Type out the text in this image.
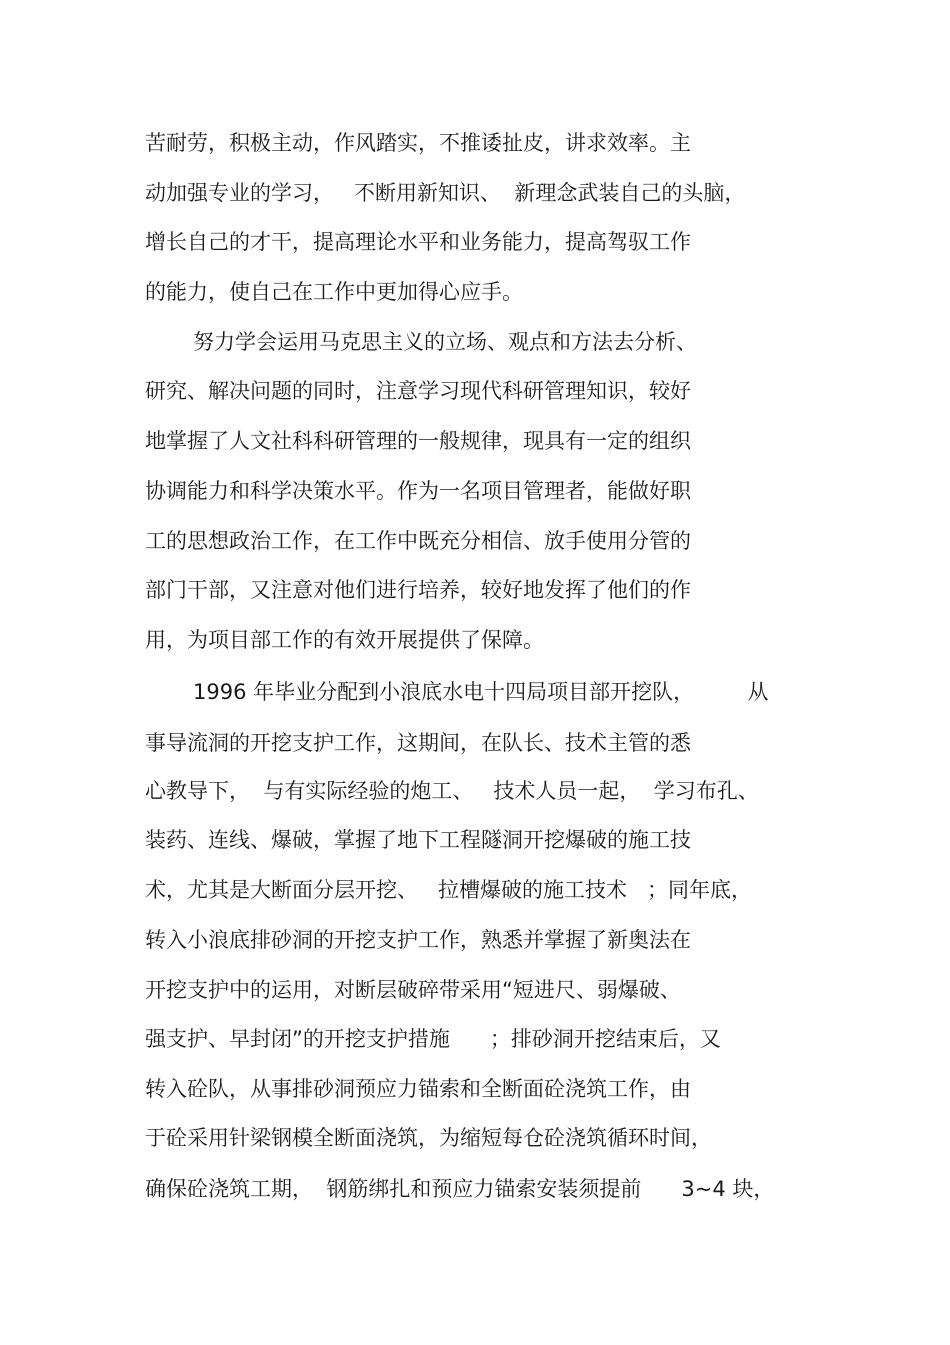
苦耐劳，积极主动，作风踏实，不推诿扯皮，讲求效率。主
动加强专业的学习，   不断用新知识、  新理念武装自己的头脑，
增长自己的才干，提高理论水平和业务能力，提高驾驭工作
的能力，使自己在工作中更加得心应手。
努力学会运用马克思主义的立场、观点和方法去分析、
研究、解决问题的同时，注意学习现代科研管理知识，较好
地掌握了人文社科科研管理的一般规律，现具有一定的组织
协调能力和科学决策水平。作为一名项目管理者，能做好职
工的思想政治工作，在工作中既充分相信、放手使用分管的
部门干部，又注意对他们进行培养，较好地发挥了他们的作
用，为项目部工作的有效开展提供了保障。
1996 年毕业分配到小浪底水电十四局项目部开挖队，        从
事导流洞的开挖支护工作，这期间，在队长、技术主管的悉
心教导下，  与有实际经验的炮工、   技术人员一起，  学习布孔、
装药、连线、爆破，掌握了地下工程隧洞开挖爆破的施工技
术，尤其是大断面分层开挖、   拉槽爆破的施工技术   ；同年底，
转入小浪底排砂洞的开挖支护工作，熟悉并掌握了新奥法在
开挖支护中的运用，对断层破碎带采用“短进尺、弱爆破、
强支护、早封闭”的开挖支护措施      ；排砂洞开挖结束后，又
转入砼队，从事排砂洞预应力锚索和全断面砼浇筑工作，由
于砼采用针梁钢模全断面浇筑，为缩短每仓砼浇筑循环时间，
确保砼浇筑工期，  钢筋绑扎和预应力锚索安装须提前      3~4 块，
